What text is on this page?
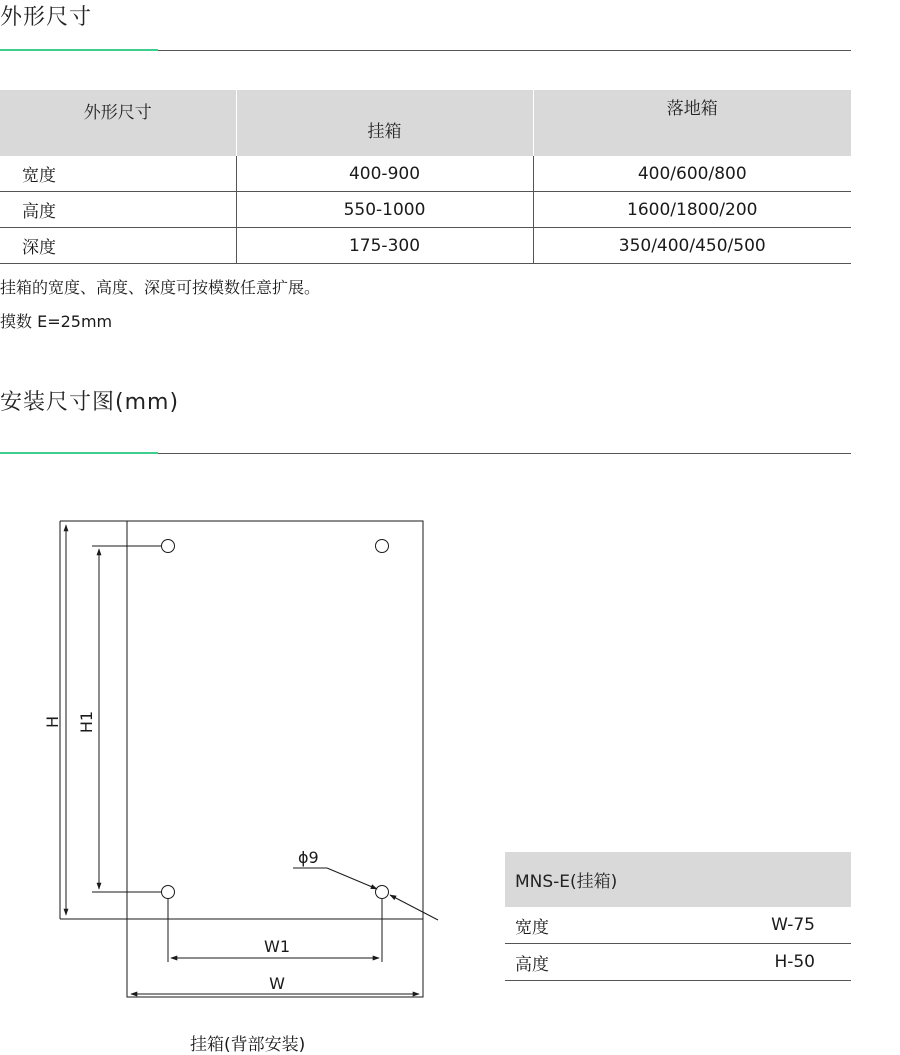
外形尺寸
外形尺寸	挂箱	落地箱
宽度	400-900	400/600/800
高度	550-1000	1600/1800/200
深度	175-300	350/400/450/500
挂箱的宽度、高度、深度可按模数任意扩展。
摸数 E=25mm
安装尺寸图(mm)
H H1
ϕ9
W1
W
挂箱(背部安装)
MNS-E(挂箱)	
宽度	W-75
高度	H-50
